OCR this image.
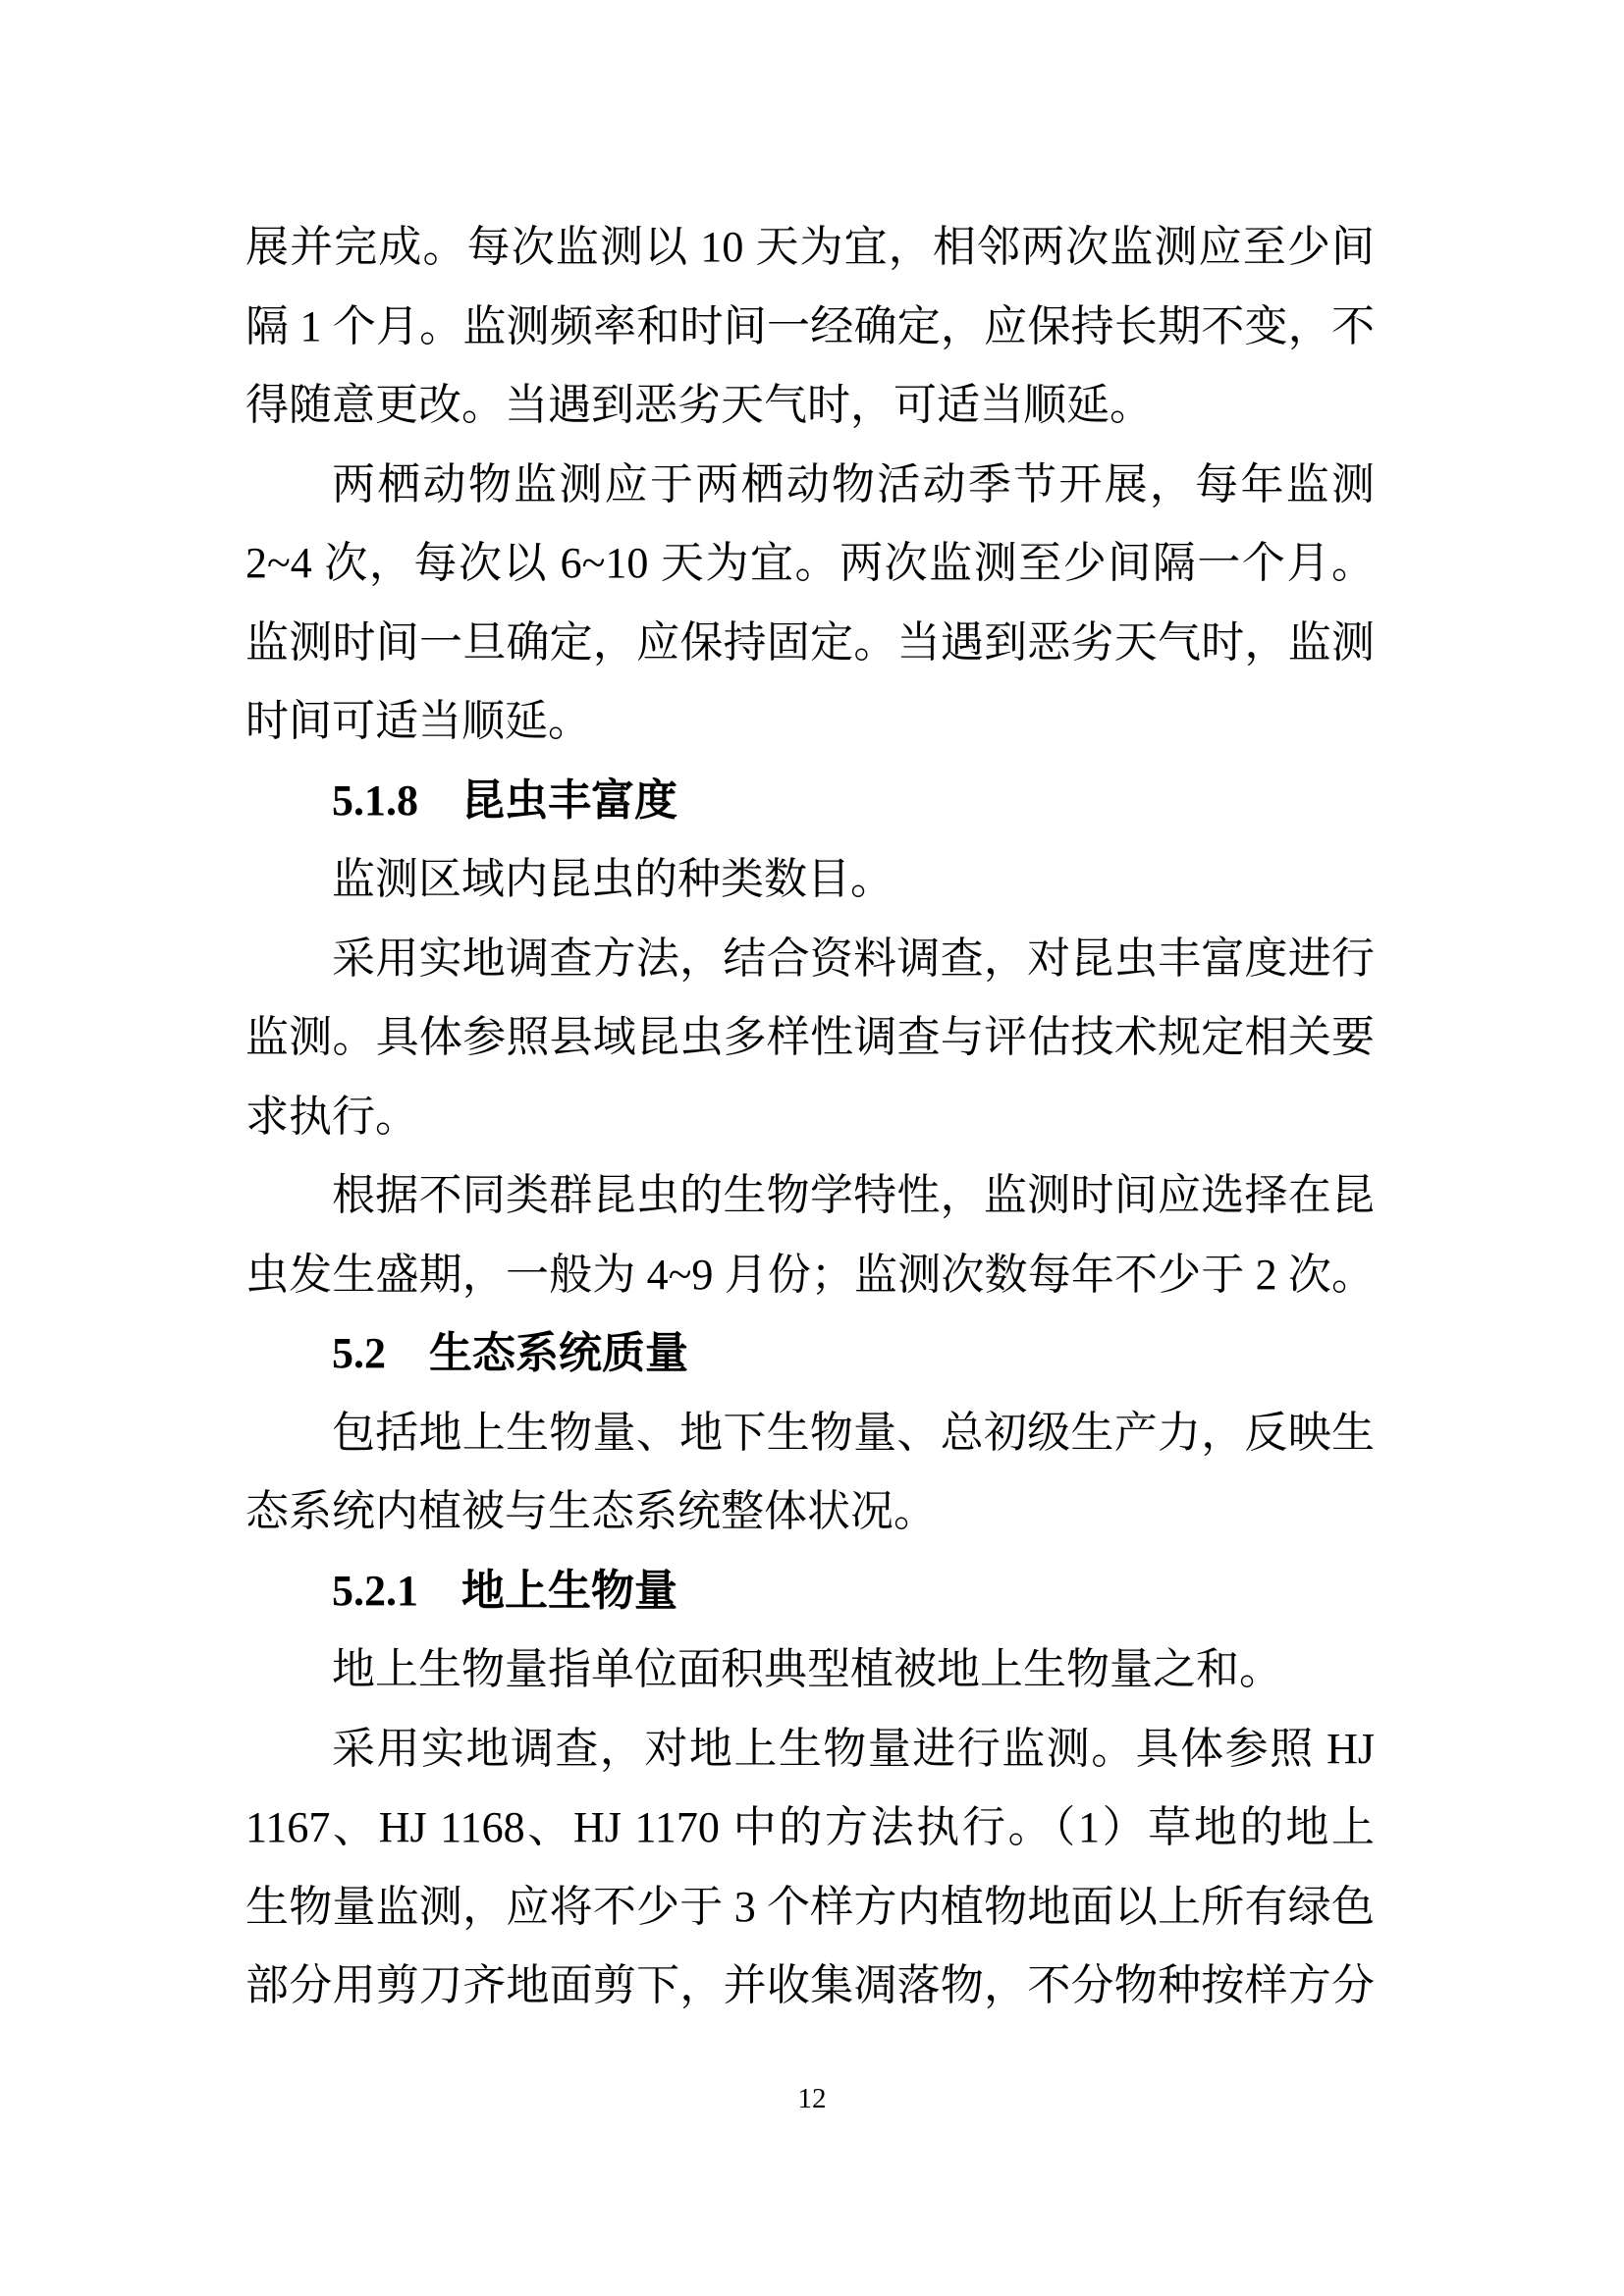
展并完成。每次监测以 10 天为宜，相邻两次监测应至少间
隔 1 个月。监测频率和时间一经确定，应保持长期不变，不
得随意更改。当遇到恶劣天气时，可适当顺延。
两栖动物监测应于两栖动物活动季节开展，每年监测
2~4 次，每次以 6~10 天为宜。两次监测至少间隔一个月。
监测时间一旦确定，应保持固定。当遇到恶劣天气时，监测
时间可适当顺延。
5.1.8　昆虫丰富度
监测区域内昆虫的种类数目。
采用实地调查方法，结合资料调查，对昆虫丰富度进行
监测。具体参照县域昆虫多样性调查与评估技术规定相关要
求执行。
根据不同类群昆虫的生物学特性，监测时间应选择在昆
虫发生盛期，一般为 4~9 月份；监测次数每年不少于 2 次。
5.2　生态系统质量
包括地上生物量、地下生物量、总初级生产力，反映生
态系统内植被与生态系统整体状况。
5.2.1　地上生物量
地上生物量指单位面积典型植被地上生物量之和。
采用实地调查，对地上生物量进行监测。具体参照 HJ
1167、HJ 1168、HJ 1170 中的方法执行。（1）草地的地上
生物量监测，应将不少于 3 个样方内植物地面以上所有绿色
部分用剪刀齐地面剪下，并收集凋落物，不分物种按样方分
12
